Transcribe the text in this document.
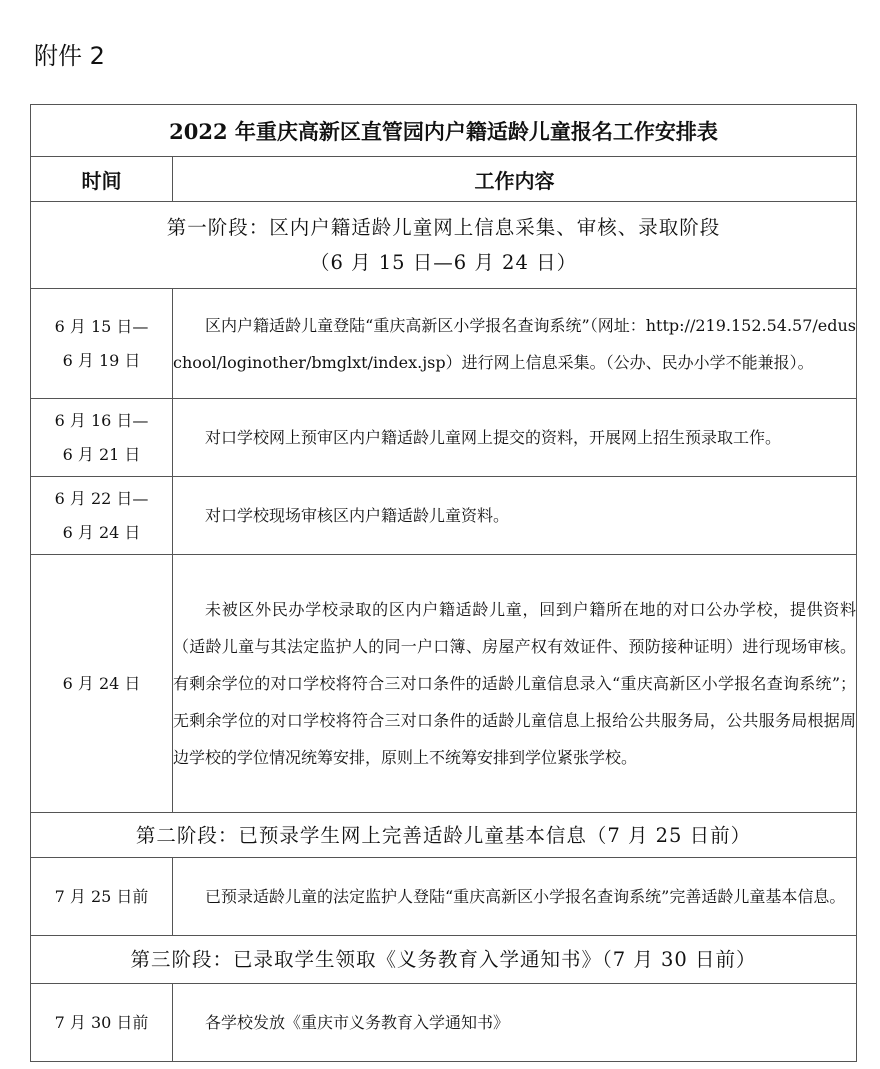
附件 2
2022 年重庆高新区直管园内户籍适龄儿童报名工作安排表	
时间	工作内容

第一阶段：区内户籍适龄儿童网上信息采集、审核、录取阶段
（6 月 15 日—6 月 24 日）	

6 月 15 日—
6 月 19 日	区内户籍适龄儿童登陆“重庆高新区小学报名查询系统”（网址：http://219.152.54.57/eduschool/loginother/bmglxt/index.jsp）进行网上信息采集。（公办、民办小学不能兼报）。

6 月 16 日—
6 月 21 日	对口学校网上预审区内户籍适龄儿童网上提交的资料，开展网上招生预录取工作。

6 月 22 日—
6 月 24 日	对口学校现场审核区内户籍适龄儿童资料。

6 月 24 日	未被区外民办学校录取的区内户籍适龄儿童，回到户籍所在地的对口公办学校，提供资料（适龄儿童与其法定监护人的同一户口簿、房屋产权有效证件、预防接种证明）进行现场审核。有剩余学位的对口学校将符合三对口条件的适龄儿童信息录入“重庆高新区小学报名查询系统”；无剩余学位的对口学校将符合三对口条件的适龄儿童信息上报给公共服务局，公共服务局根据周边学校的学位情况统筹安排，原则上不统筹安排到学位紧张学校。
第二阶段：已预录学生网上完善适龄儿童基本信息（7 月 25 日前）	
7 月 25 日前	已预录适龄儿童的法定监护人登陆“重庆高新区小学报名查询系统”完善适龄儿童基本信息。
第三阶段：已录取学生领取《义务教育入学通知书》（7 月 30 日前）	
7 月 30 日前	各学校发放《重庆市义务教育入学通知书》
